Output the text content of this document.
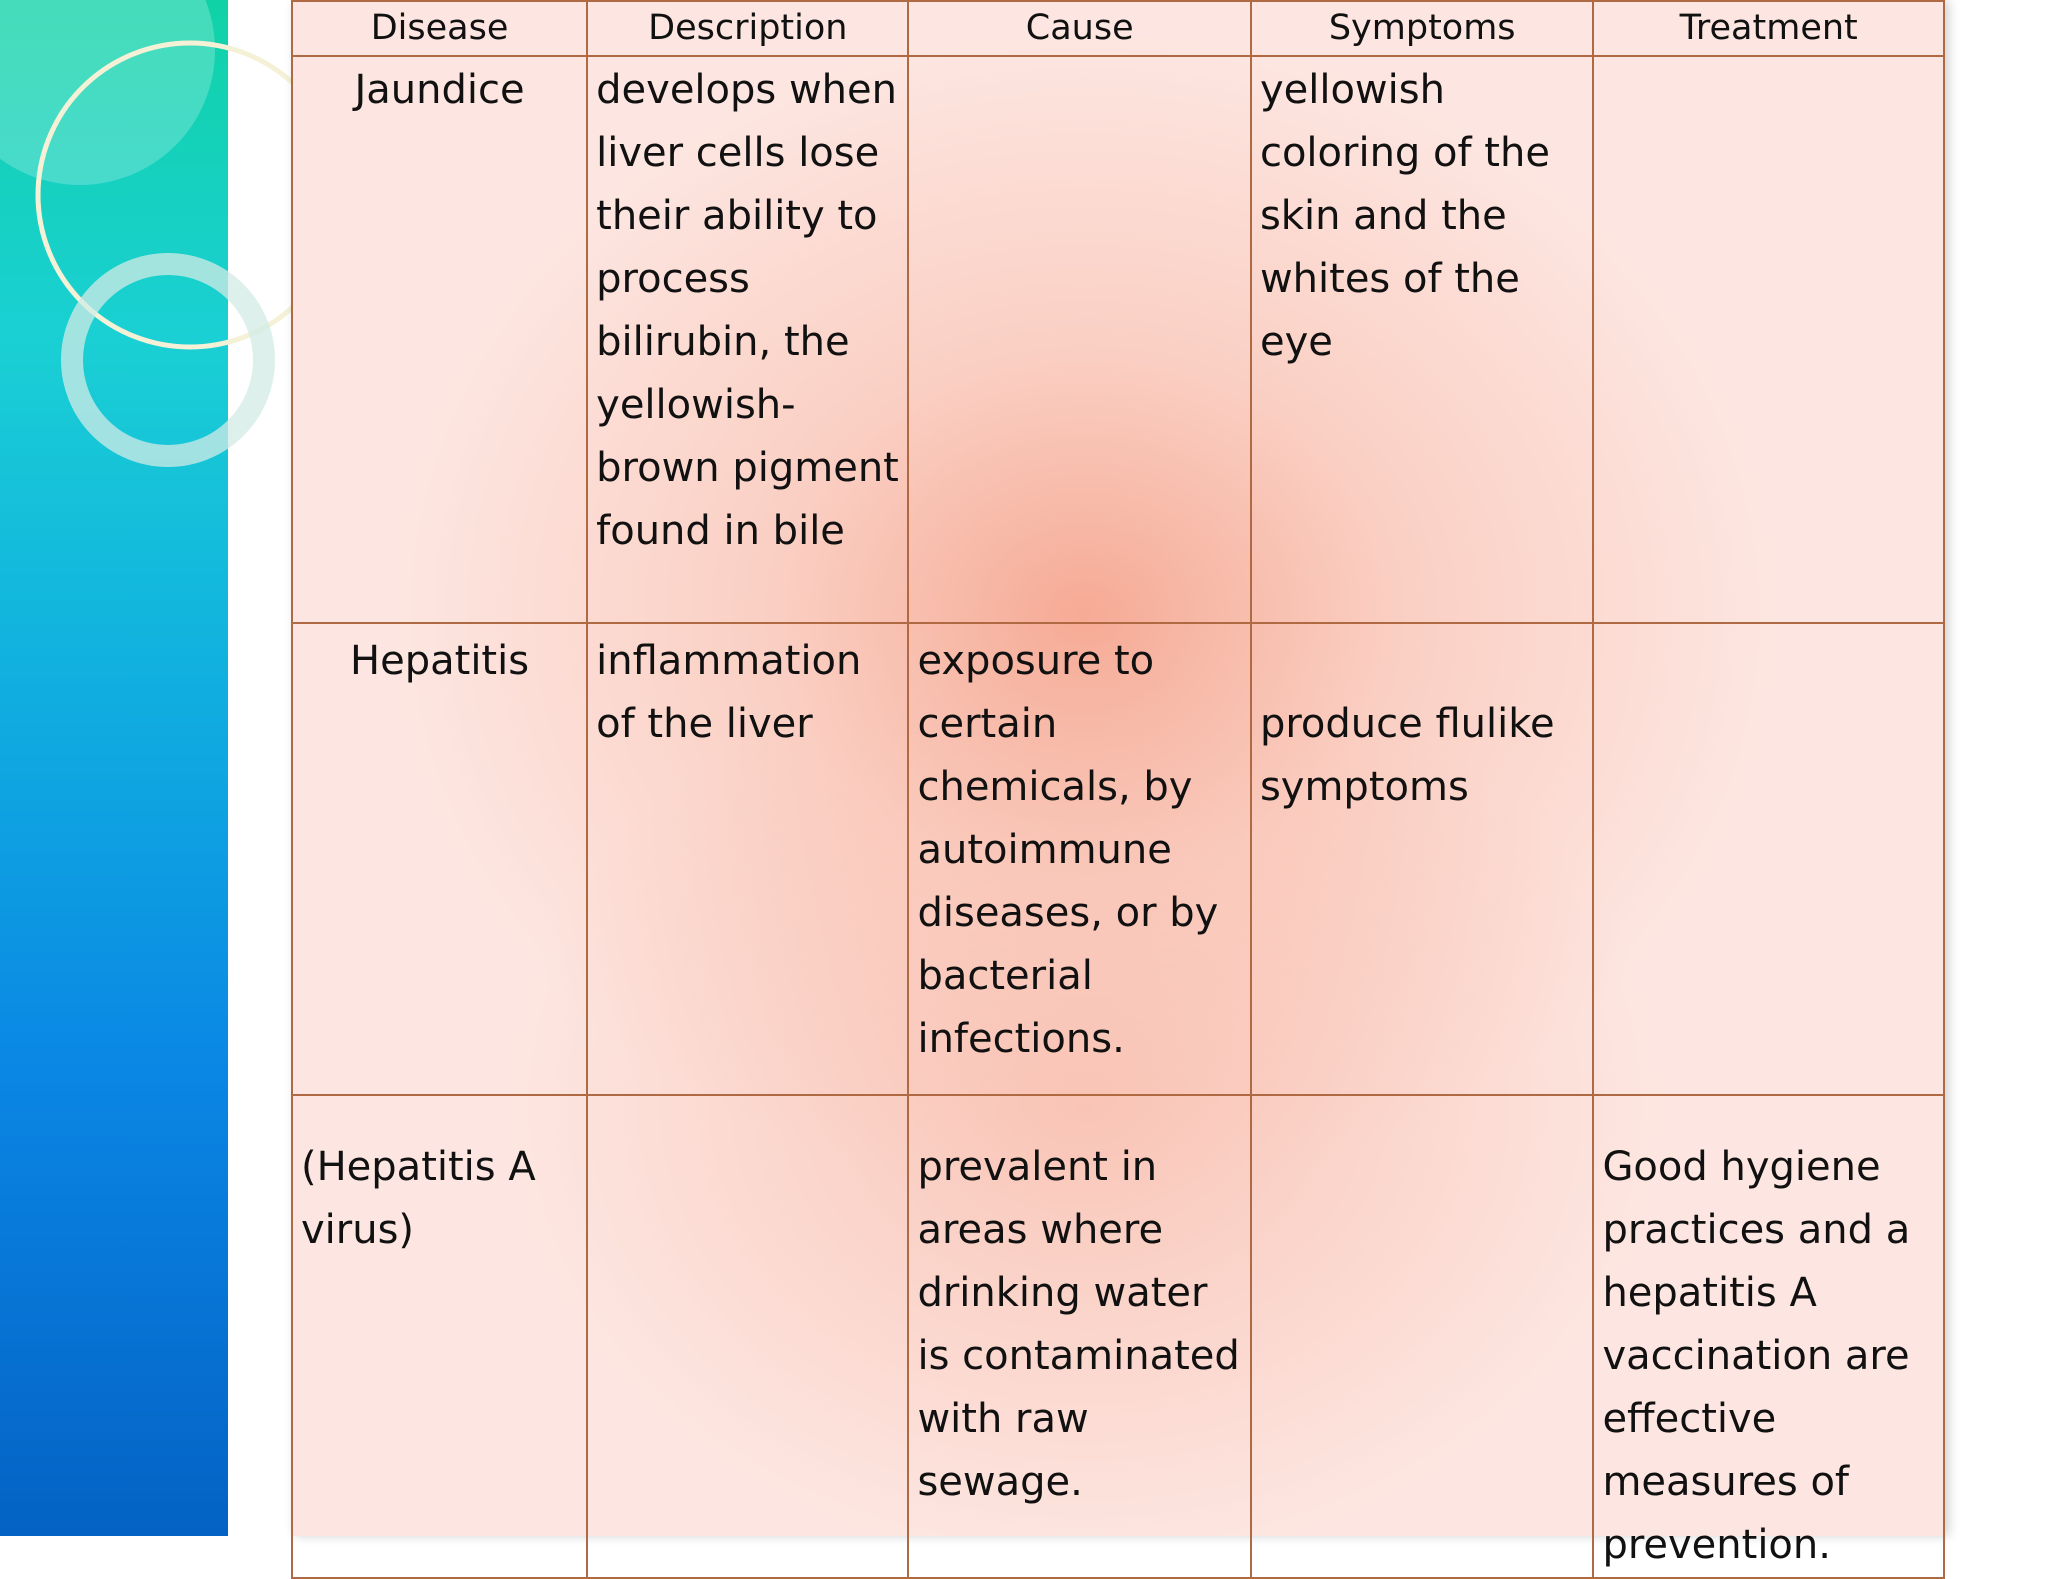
Disease	Description	Cause	Symptoms	Treatment

Jaundice	develops when liver cells lose their ability to process bilirubin, the yellowish-brown pigment found in bile		yellowish coloring of the skin and the whites of the eye	

Hepatitis	inflammation of the liver	exposure to certain chemicals, by autoimmune diseases, or by bacterial infections.	produce flulike symptoms	

(Hepatitis A virus)		prevalent in areas where drinking water is contaminated with raw sewage.		Good hygiene practices and a hepatitis A vaccination are effective measures of prevention.
